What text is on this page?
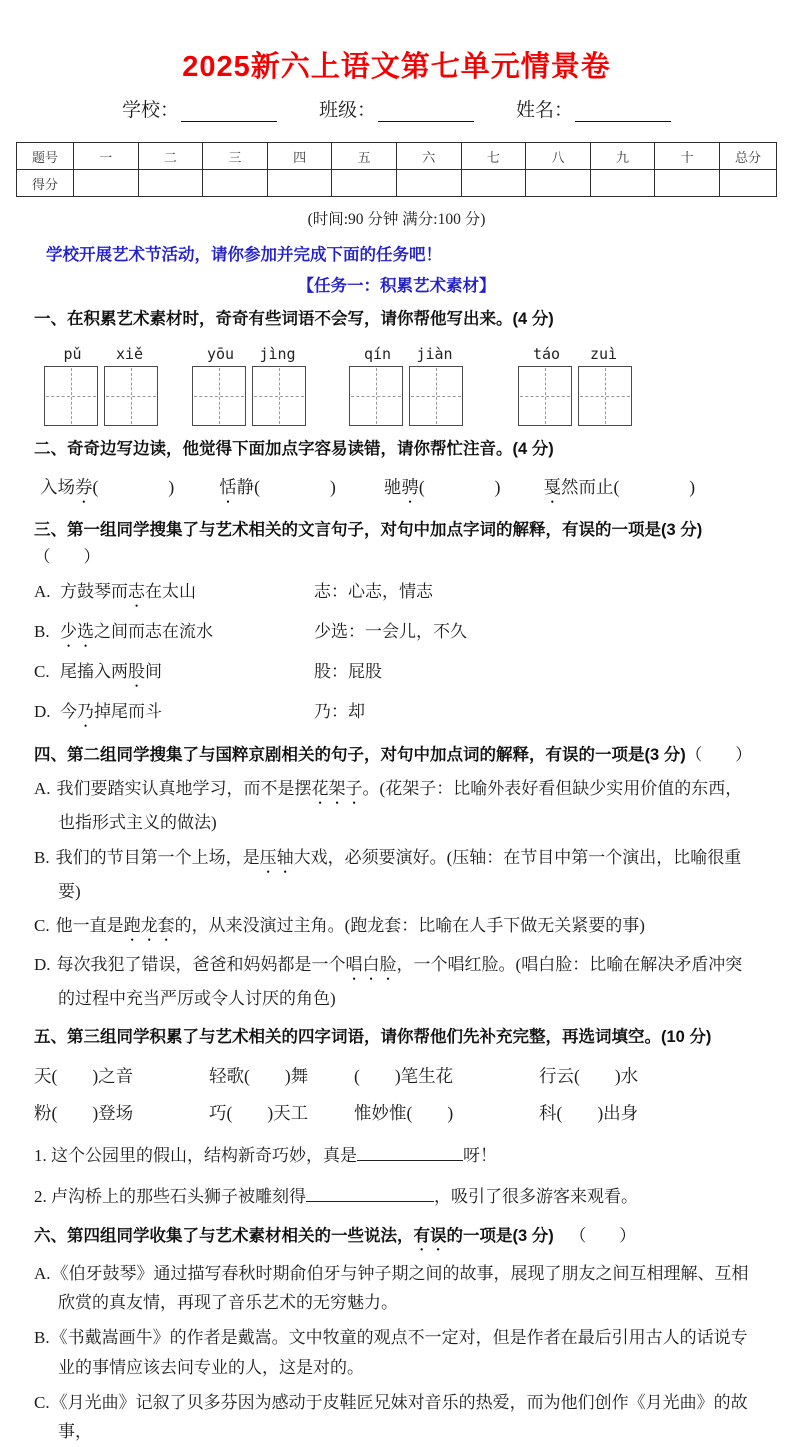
2025新六上语文第七单元情景卷
学校：	班级：	姓名：
题号	一	二	三	四	五	六	七	八	九	十	总分
得分											
(时间:90 分钟 满分:100 分)
学校开展艺术节活动，请你参加并完成下面的任务吧！
【任务一：积累艺术素材】
一、在积累艺术素材时，奇奇有些词语不会写，请你帮他写出来。(4 分)
pǔ	xiě	yōu	jìng	qín	jiàn	táo	zuì
二、奇奇边写边读，他觉得下面加点字容易读错，请你帮忙注音。(4 分)
入场券(　　　　)	恬静(　　　　)	驰骋(　　　　) 戛然而止(　　　　)
三、第一组同学搜集了与艺术相关的文言句子，对句中加点字词的解释，有误的一项是(3 分)（　　）
A. 方鼓琴而志在太山	志：心志，情志
B. 少选之间而志在流水	少选：一会儿，不久
C. 尾搐入两股间	股：屁股
D. 今乃掉尾而斗	乃：却
四、第二组同学搜集了与国粹京剧相关的句子，对句中加点词的解释，有误的一项是(3 分)（　　）
A. 我们要踏实认真地学习，而不是摆花架子。(花架子：比喻外表好看但缺少实用价值的东西，也指形式主义的做法)
B. 我们的节目第一个上场，是压轴大戏，必须要演好。(压轴：在节目中第一个演出，比喻很重要)
C. 他一直是跑龙套的，从来没演过主角。(跑龙套：比喻在人手下做无关紧要的事)
D. 每次我犯了错误，爸爸和妈妈都是一个唱白脸，一个唱红脸。(唱白脸：比喻在解决矛盾冲突的过程中充当严厉或令人讨厌的角色)
五、第三组同学积累了与艺术相关的四字词语，请你帮他们先补充完整，再选词填空。(10 分)
天(　　)之音	轻歌(　　)舞	(　　)笔生花	行云(　　)水
粉(　　)登场	巧(　　)天工	惟妙惟(　　)	科(　　)出身
1. 这个公园里的假山，结构新奇巧妙，真是	呀！
2. 卢沟桥上的那些石头狮子被雕刻得	，吸引了很多游客来观看。
六、第四组同学收集了与艺术素材相关的一些说法，有误的一项是(3 分) （　　）
A.《伯牙鼓琴》通过描写春秋时期俞伯牙与钟子期之间的故事，展现了朋友之间互相理解、互相欣赏的真友情，再现了音乐艺术的无穷魅力。
B.《书戴嵩画牛》的作者是戴嵩。文中牧童的观点不一定对，但是作者在最后引用古人的话说专业的事情应该去问专业的人，这是对的。
C.《月光曲》记叙了贝多芬因为感动于皮鞋匠兄妹对音乐的热爱，而为他们创作《月光曲》的故事，
